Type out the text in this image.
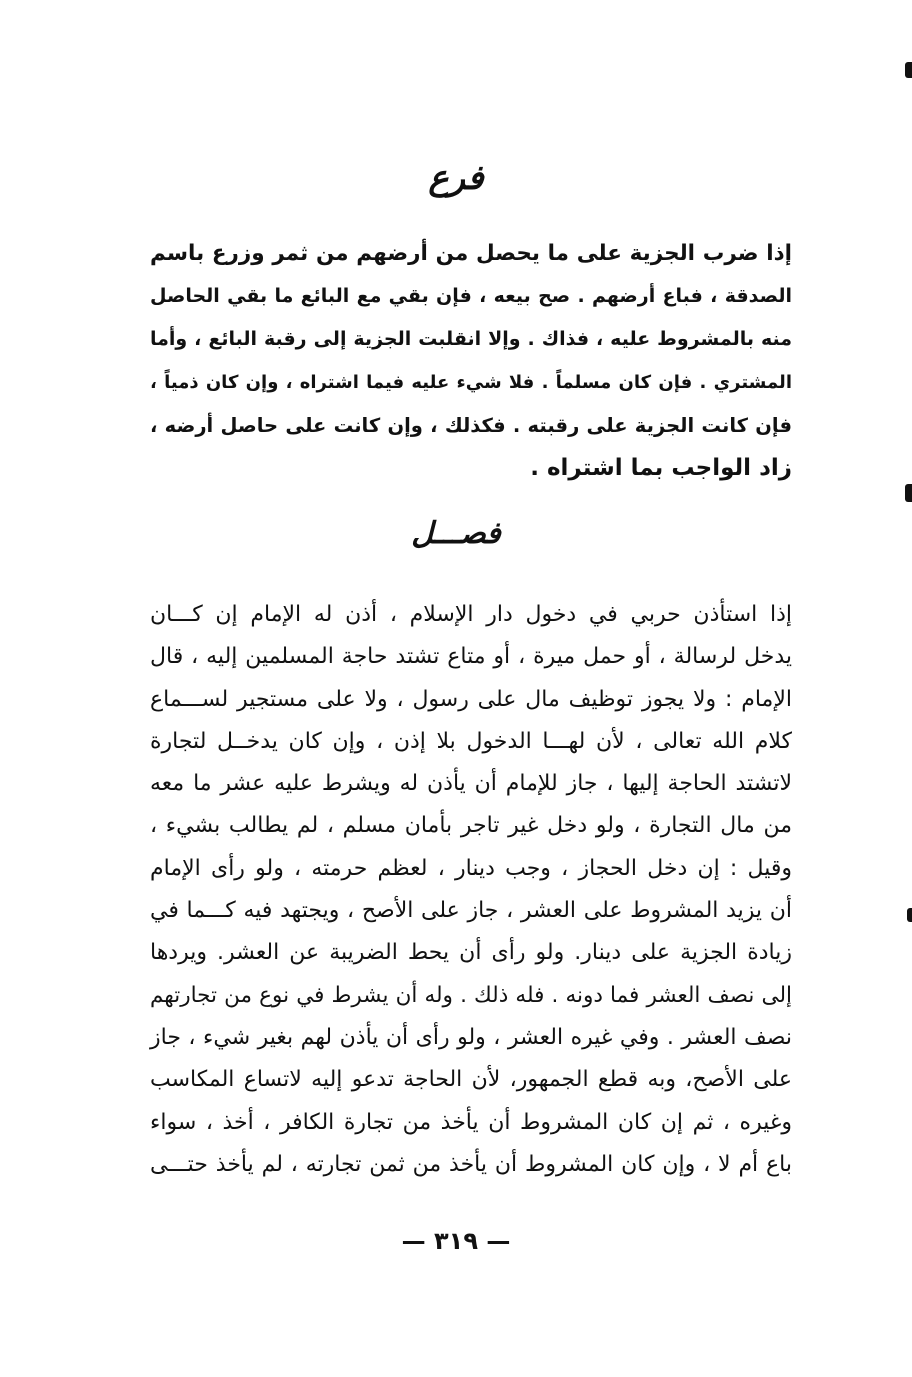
فرع
إذا ضرب الجزية على ما يحصل من أرضهم من ثمر وزرع باسم
الصدقة ، فباع أرضهم . صح بيعه ، فإن بقي مع البائع ما بقي الحاصل
منه بالمشروط عليه ، فذاك . وإلا انقلبت الجزية إلى رقبة البائع ، وأما
المشتري . فإن كان مسلماً . فلا شيء عليه فيما اشتراه ، وإن كان ذمياً ،
فإن كانت الجزية على رقبته . فكذلك ، وإن كانت على حاصل أرضه ،
زاد الواجب بما اشتراه .
فصـــل
إذا استأذن حربي في دخول دار الإسلام ، أذن له الإمام إن كـــان
يدخل لرسالة ، أو حمل ميرة ، أو متاع تشتد حاجة المسلمين إليه ، قال
الإمام : ولا يجوز توظيف مال على رسول ، ولا على مستجير لســـماع
كلام الله تعالى ، لأن لهـــا الدخول بلا إذن ، وإن كان يدخــل لتجارة
لاتشتد الحاجة إليها ، جاز للإمام أن يأذن له ويشرط عليه عشر ما معه
من مال التجارة ، ولو دخل غير تاجر بأمان مسلم ، لم يطالب بشيء ،
وقيل : إن دخل الحجاز ، وجب دينار ، لعظم حرمته ، ولو رأى الإمام
أن يزيد المشروط على العشر ، جاز على الأصح ، ويجتهد فيه كـــما في
زيادة الجزية على دينار. ولو رأى أن يحط الضريبة عن العشر. ويردها
إلى نصف العشر فما دونه . فله ذلك . وله أن يشرط في نوع من تجارتهم
نصف العشر . وفي غيره العشر ، ولو رأى أن يأذن لهم بغير شيء ، جاز
على الأصح، وبه قطع الجمهور، لأن الحاجة تدعو إليه لاتساع المكاسب
وغيره ، ثم إن كان المشروط أن يأخذ من تجارة الكافر ، أخذ ، سواء
باع أم لا ، وإن كان المشروط أن يأخذ من ثمن تجارته ، لم يأخذ حتـــى
— ٣١٩ —
